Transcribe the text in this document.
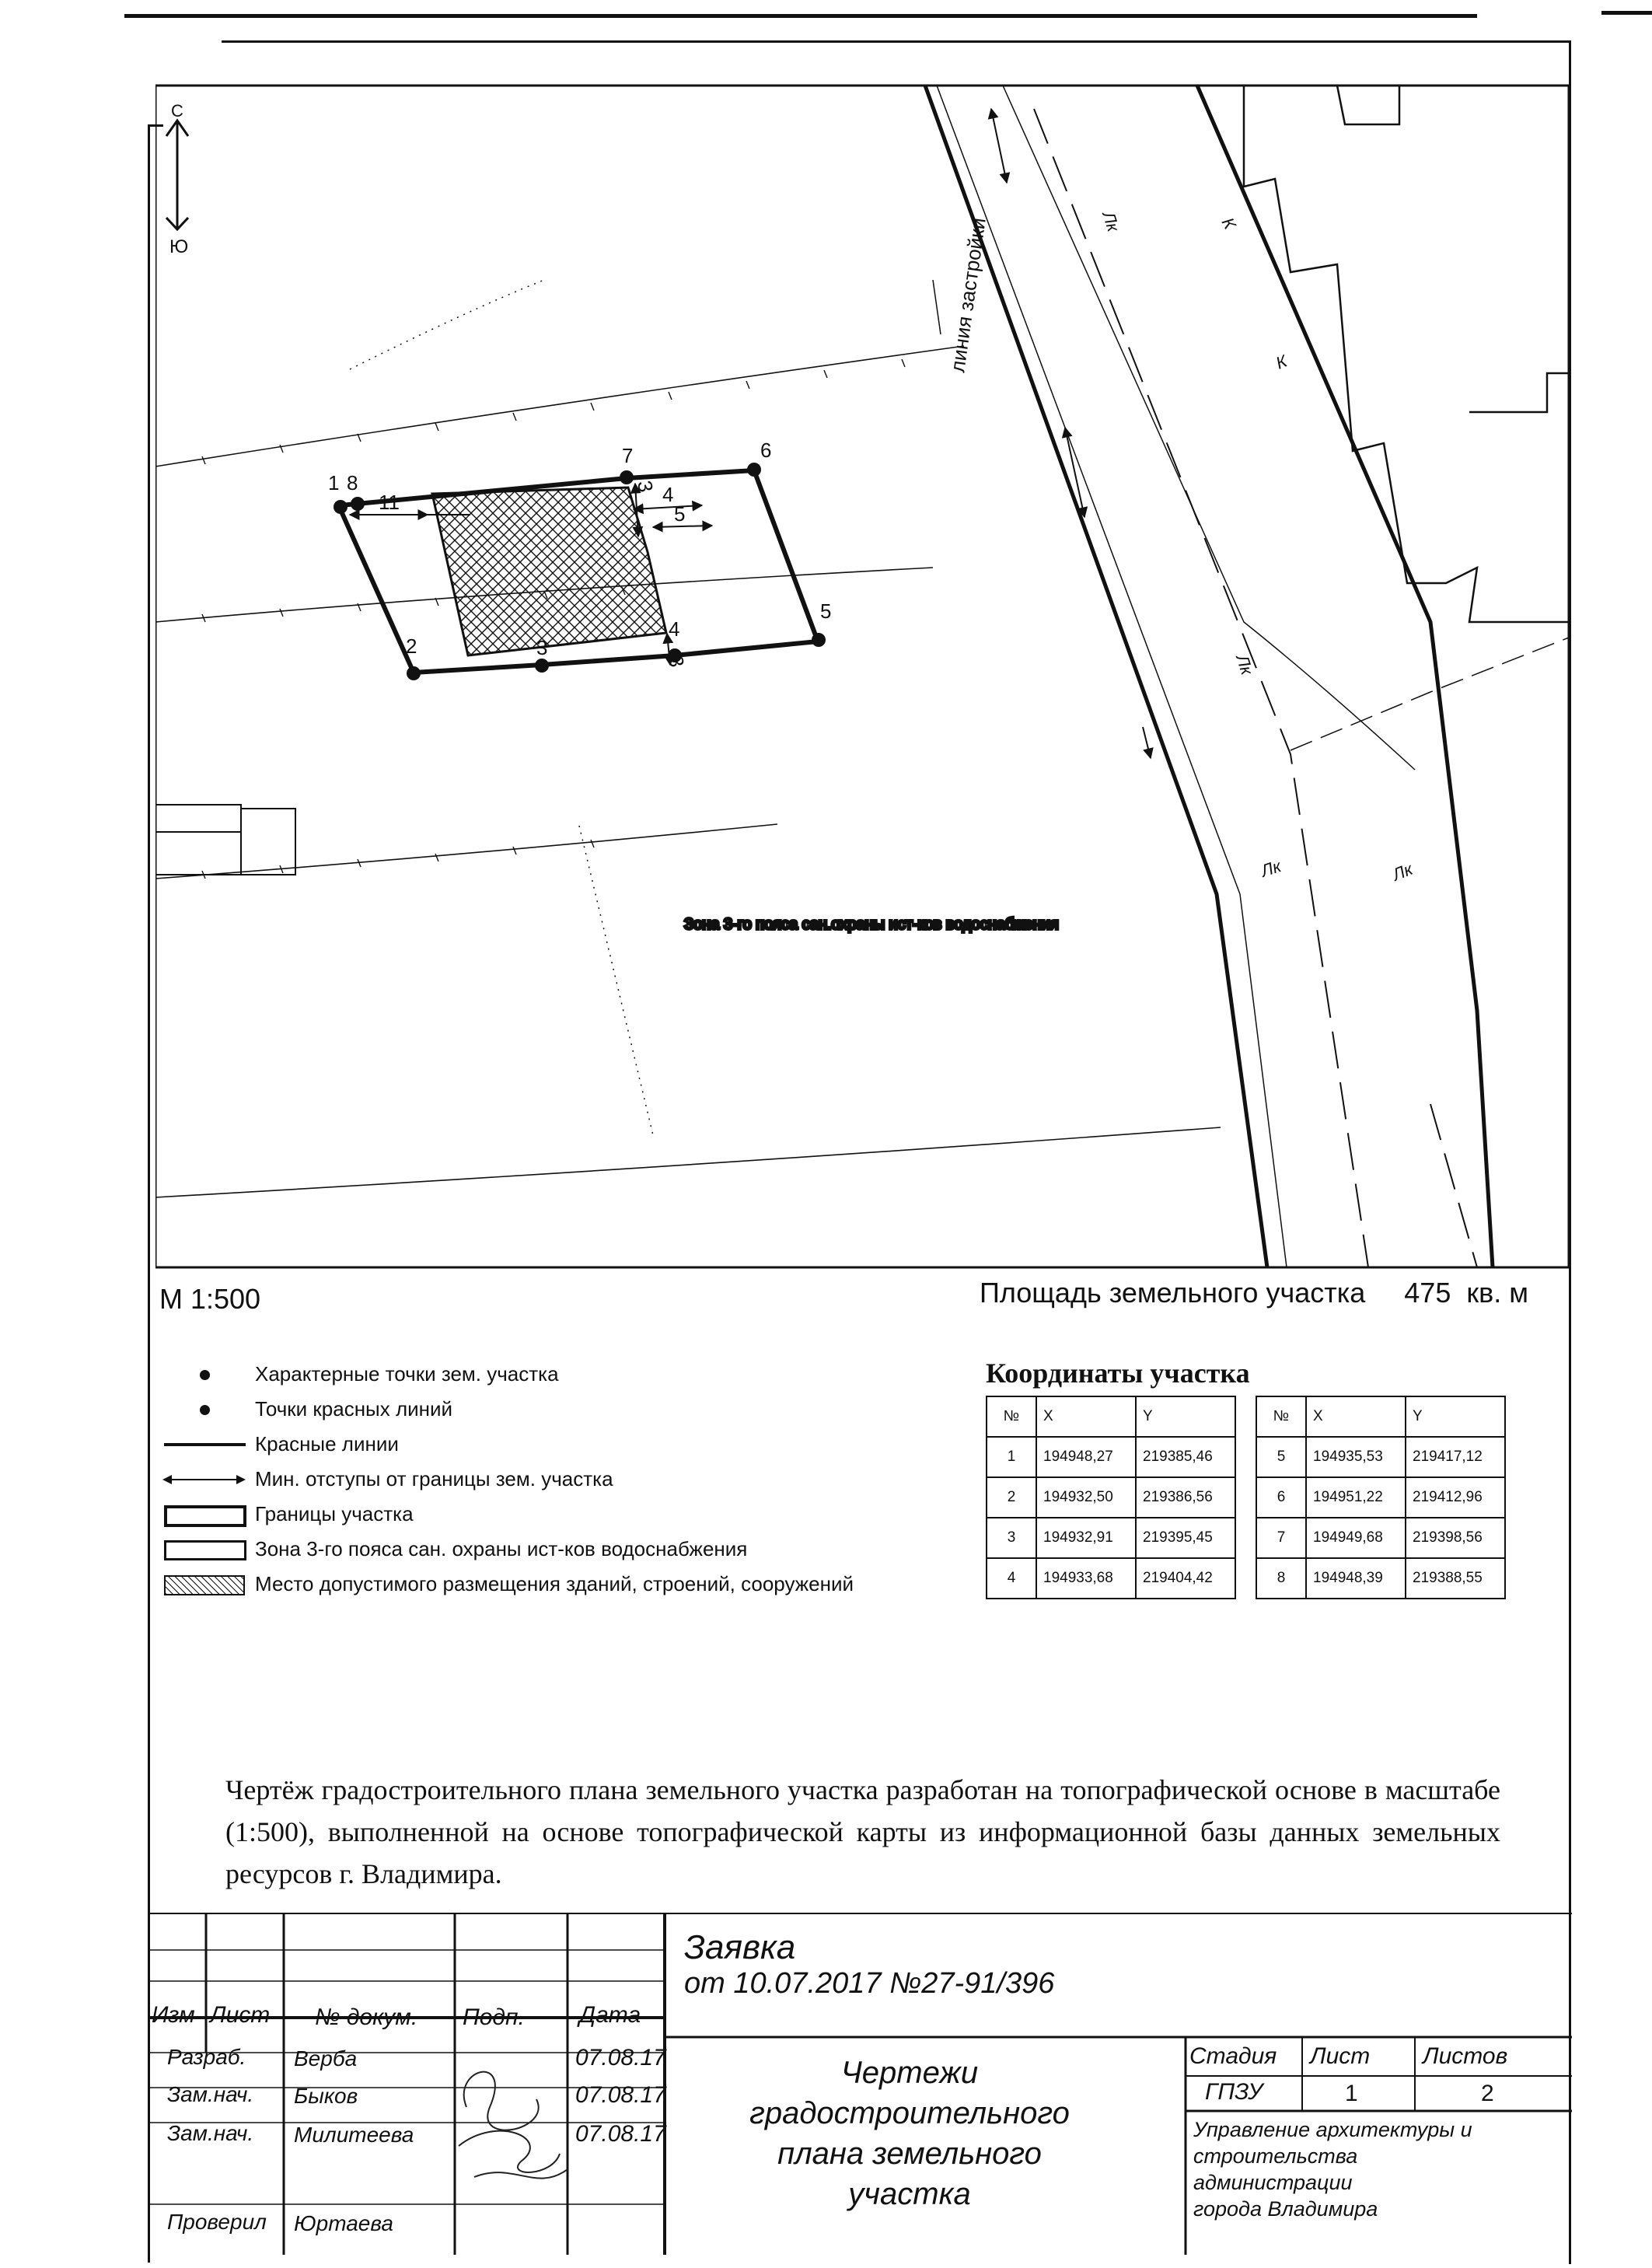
С
Ю
1 8
7	6
5
4
3
2
11	4
5
3
3
линия застройки
Зона 3-го пояса сан.охраны ист-ков водоснабжения
Лк
Лк
Лк
Лк
К
К
М 1:500	Площадь земельного участка 475 кв. м
Характерные точки зем. участка
Точки красных линий
Красные линии
Мин. отступы от границы зем. участка
Границы участка
Зона 3-го пояса сан. охраны ист-ков водоснабжения
Место допустимого размещения зданий, строений, сооружений
Координаты участка
№	X	Y
1	194948,27	219385,46
2	194932,50	219386,56
3	194932,91	219395,45
4	194933,68	219404,42
№	X	Y
5	194935,53	219417,12
6	194951,22	219412,96
7	194949,68	219398,56
8	194948,39	219388,55
Чертёж градостроительного плана земельного участка разработан на топографической основе в масштабе (1:500), выполненной на основе топографической карты из информационной базы данных земельных ресурсов г. Владимира.
Заявка
от 10.07.2017 №27-91/396
Изм Лист № докум. Подп. Дата
Разраб. Верба	07.08.17
Зам.нач. Быков	07.08.17
Зам.нач. Милитеева	07.08.17
Проверил Юртаева
Чертежи
градостроительного
плана земельного
участка
Стадия Лист Листов
ГПЗУ	1	2
Управление архитектуры и
строительства
администрации
города Владимира
